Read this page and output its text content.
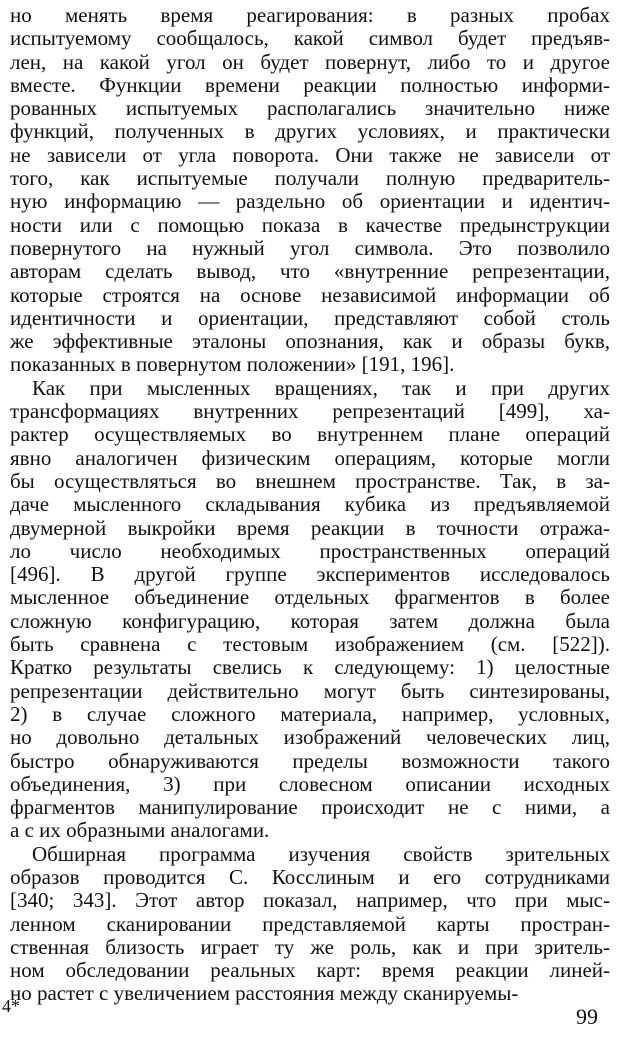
но менять время реагирования: в разных пробах
испытуемому сообщалось, какой символ будет предъяв-
лен, на какой угол он будет повернут, либо то и другое
вместе. Функции времени реакции полностью информи-
рованных испытуемых располагались значительно ниже
функций, полученных в других условиях, и практически
не зависели от угла поворота. Они также не зависели от
того, как испытуемые получали полную предваритель-
ную информацию — раздельно об ориентации и идентич-
ности или с помощью показа в качестве предынструкции
повернутого на нужный угол символа. Это позволило
авторам сделать вывод, что «внутренние репрезентации,
которые строятся на основе независимой информации об
идентичности и ориентации, представляют собой столь
же эффективные эталоны опознания, как и образы букв,
показанных в повернутом положении» [191, 196].
Как при мысленных вращениях, так и при других
трансформациях внутренних репрезентаций [499], ха-
рактер осуществляемых во внутреннем плане операций
явно аналогичен физическим операциям, которые могли
бы осуществляться во внешнем пространстве. Так, в за-
даче мысленного складывания кубика из предъявляемой
двумерной выкройки время реакции в точности отража-
ло число необходимых пространственных операций
[496]. В другой группе экспериментов исследовалось
мысленное объединение отдельных фрагментов в более
сложную конфигурацию, которая затем должна была
быть сравнена с тестовым изображением (см. [522]).
Кратко результаты свелись к следующему: 1) целостные
репрезентации действительно могут быть синтезированы,
2) в случае сложного материала, например, условных,
но довольно детальных изображений человеческих лиц,
быстро обнаруживаются пределы возможности такого
объединения, 3) при словесном описании исходных
фрагментов манипулирование происходит не с ними, а
а с их образными аналогами.
Обширная программа изучения свойств зрительных
образов проводится С. Косслиным и его сотрудниками
[340; 343]. Этот автор показал, например, что при мыс-
ленном сканировании представляемой карты простран-
ственная близость играет ту же роль, как и при зритель-
ном обследовании реальных карт: время реакции линей-
но растет с увеличением расстояния между сканируемы-
4*	99
